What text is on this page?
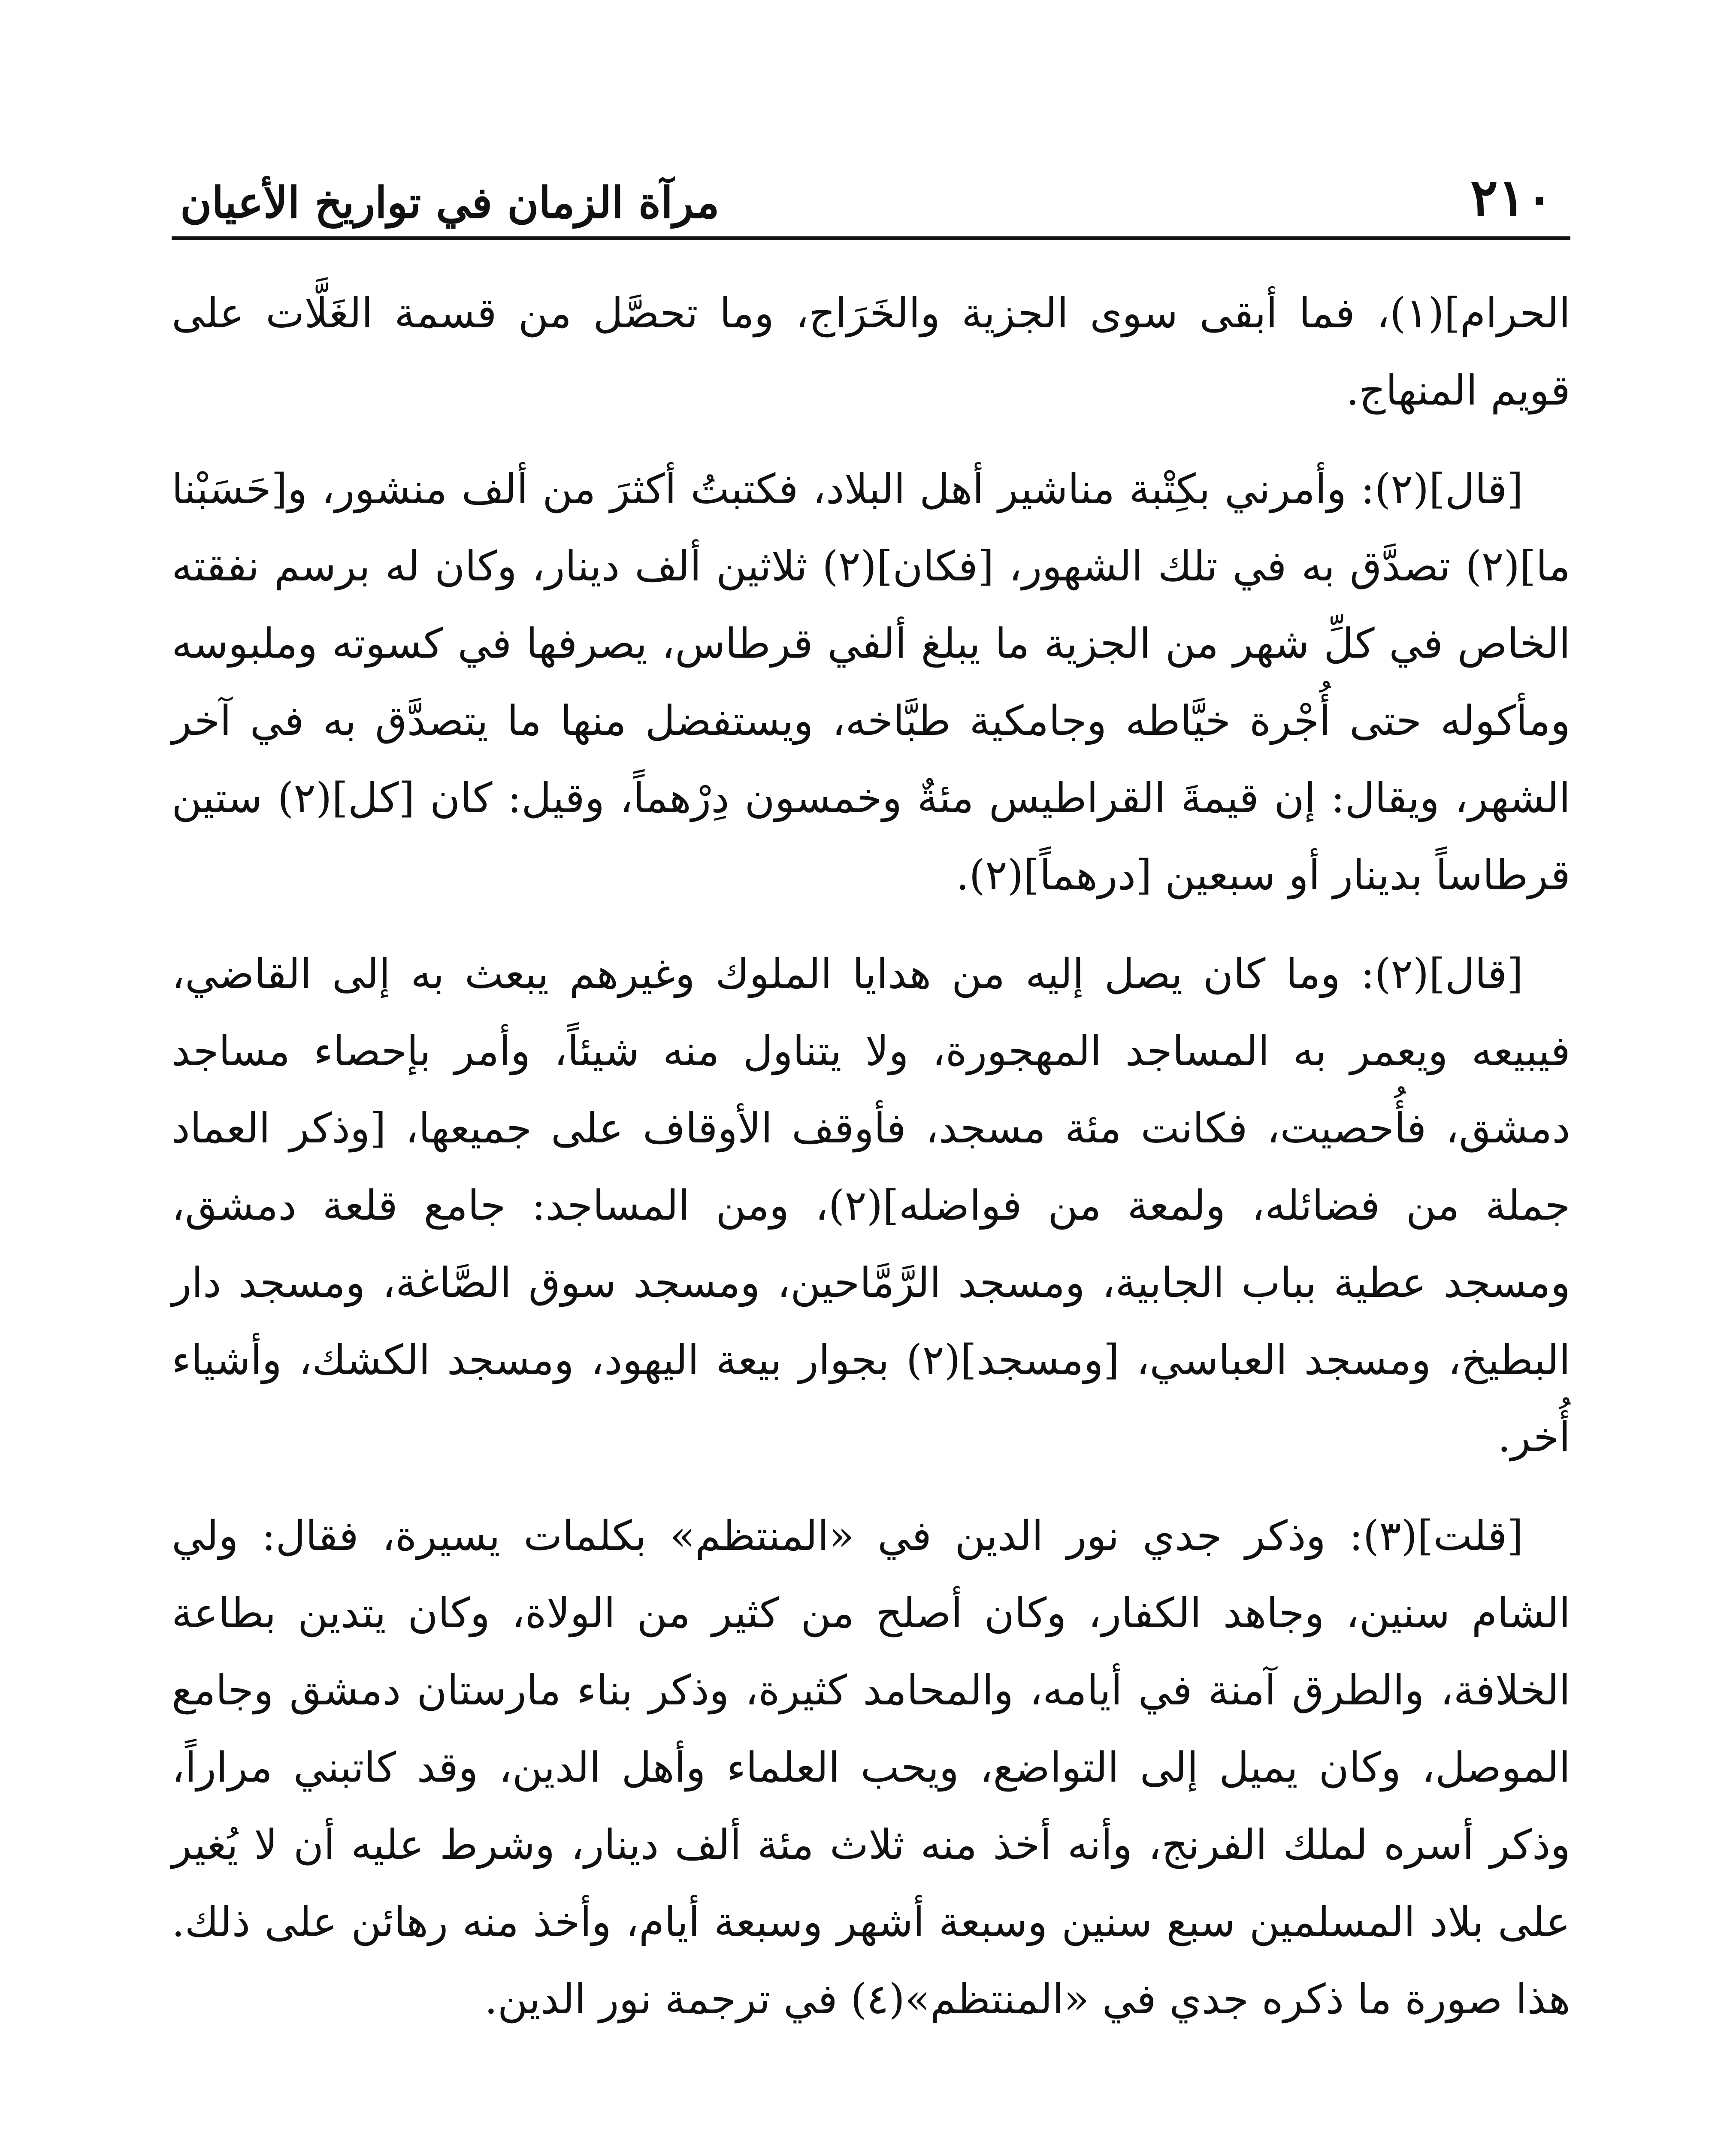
٢١٠
مرآة الزمان في تواريخ الأعيان

الحرام](١)، فما أبقى سوى الجزية والخَرَاج، وما تحصَّل من قسمة الغَلَّات على قويم المنهاج.

[قال](٢): وأمرني بكِتْبة مناشير أهل البلاد، فكتبتُ أكثرَ من ألف منشور، و[حَسَبْنا ما](٢) تصدَّق به في تلك الشهور، [فكان](٢) ثلاثين ألف دينار، وكان له برسم نفقته الخاص في كلِّ شهر من الجزية ما يبلغ ألفي قرطاس، يصرفها في كسوته وملبوسه ومأكوله حتى أُجْرة خيَّاطه وجامكية طبَّاخه، ويستفضل منها ما يتصدَّق به في آخر الشهر، ويقال: إن قيمةَ القراطيس مئةٌ وخمسون دِرْهماً، وقيل: كان [كل](٢) ستين قرطاساً بدينار أو سبعين [درهماً](٢).

[قال](٢): وما كان يصل إليه من هدايا الملوك وغيرهم يبعث به إلى القاضي، فيبيعه ويعمر به المساجد المهجورة، ولا يتناول منه شيئاً، وأمر بإحصاء مساجد دمشق، فأُحصيت، فكانت مئة مسجد، فأوقف الأوقاف على جميعها، [وذكر العماد جملة من فضائله، ولمعة من فواضله](٢)، ومن المساجد: جامع قلعة دمشق، ومسجد عطية بباب الجابية، ومسجد الرَّمَّاحين، ومسجد سوق الصَّاغة، ومسجد دار البطيخ، ومسجد العباسي، [ومسجد](٢) بجوار بيعة اليهود، ومسجد الكشك، وأشياء أُخر.

[قلت](٣): وذكر جدي نور الدين في «المنتظم» بكلمات يسيرة، فقال: ولي الشام سنين، وجاهد الكفار، وكان أصلح من كثير من الولاة، وكان يتدين بطاعة الخلافة، والطرق آمنة في أيامه، والمحامد كثيرة، وذكر بناء مارستان دمشق وجامع الموصل، وكان يميل إلى التواضع، ويحب العلماء وأهل الدين، وقد كاتبني مراراً، وذكر أسره لملك الفرنج، وأنه أخذ منه ثلاث مئة ألف دينار، وشرط عليه أن لا يُغير على بلاد المسلمين سبع سنين وسبعة أشهر وسبعة أيام، وأخذ منه رهائن على ذلك. هذا صورة ما ذكره جدي في «المنتظم»(٤) في ترجمة نور الدين.
